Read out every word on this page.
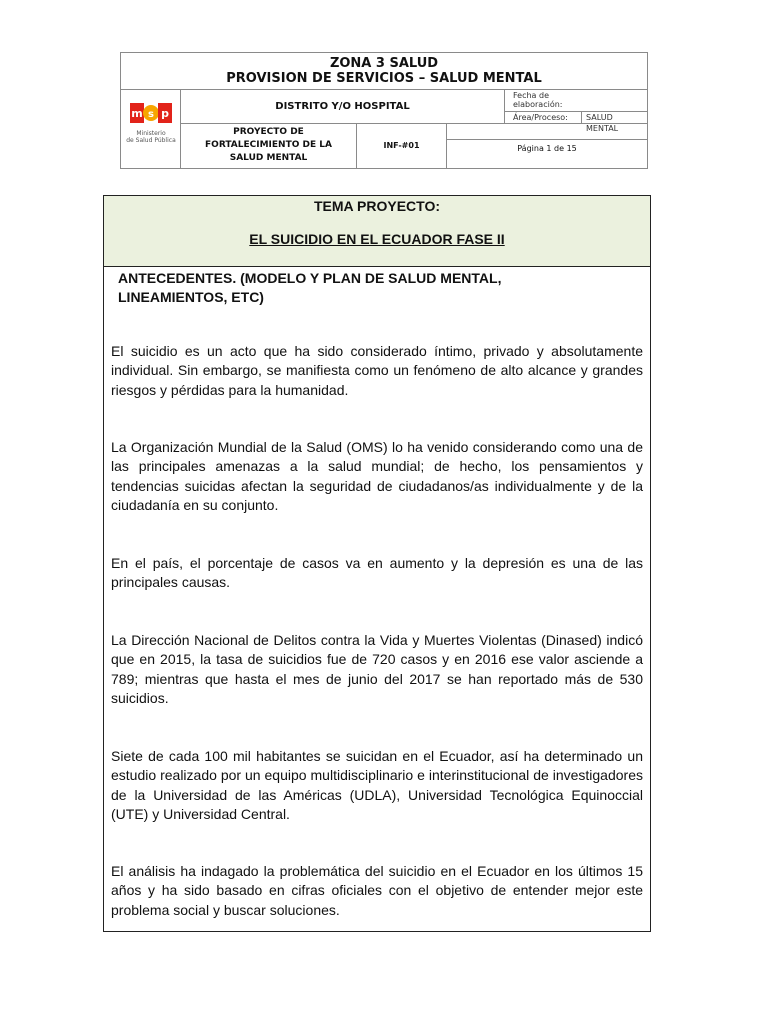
ZONA 3 SALUD
PROVISION DE SERVICIOS – SALUD MENTAL
m s p
Ministerio
de Salud Pública
DISTRITO Y/O HOSPITAL
Fecha de
elaboración:
Área/Proceso:	SALUD MENTAL
PROYECTO DE
FORTALECIMIENTO DE LA
SALUD MENTAL
INF-#01	Página 1 de 15
TEMA PROYECTO:
EL SUICIDIO EN EL ECUADOR FASE II
ANTECEDENTES. (MODELO Y PLAN DE SALUD MENTAL, LINEAMIENTOS, ETC)
El suicidio es un acto que ha sido considerado íntimo, privado y absolutamente individual. Sin embargo, se manifiesta como un fenómeno de alto alcance y grandes riesgos y pérdidas para la humanidad.
La Organización Mundial de la Salud (OMS) lo ha venido considerando como una de las principales amenazas a la salud mundial; de hecho, los pensamientos y tendencias suicidas afectan la seguridad de ciudadanos/as individualmente y de la ciudadanía en su conjunto.
En el país, el porcentaje de casos va en aumento y la depresión es una de las principales causas.
La Dirección Nacional de Delitos contra la Vida y Muertes Violentas (Dinased) indicó que en 2015, la tasa de suicidios fue de 720 casos y en 2016 ese valor asciende a 789; mientras que hasta el mes de junio del 2017 se han reportado más de 530 suicidios.
Siete de cada 100 mil habitantes se suicidan en el Ecuador, así ha determinado un estudio realizado por un equipo multidisciplinario e interinstitucional de investigadores de la Universidad de las Américas (UDLA), Universidad Tecnológica Equinoccial (UTE) y Universidad Central.
El análisis ha indagado la problemática del suicidio en el Ecuador en los últimos 15 años y ha sido basado en cifras oficiales con el objetivo de entender mejor este problema social y buscar soluciones.
